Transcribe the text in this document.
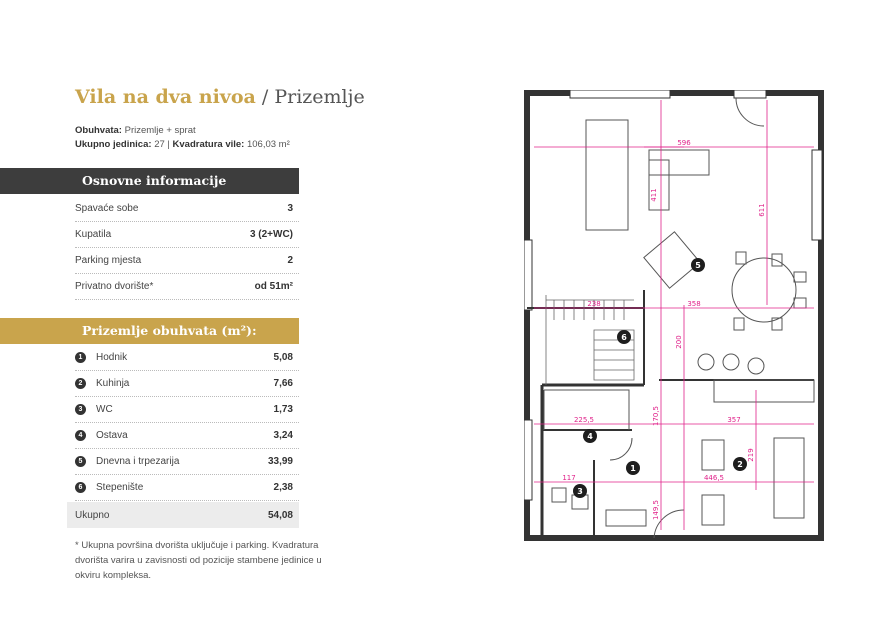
Vila na dva nivoa / Prizemlje
Obuhvata: Prizemlje + sprat
Ukupno jedinica: 27 | Kvadratura vile: 106,03 m²
Osnovne informacije
Spavaće sobe	3
Kupatila	3 (2+WC)
Parking mjesta	2
Privatno dvorište*	od 51m²
Prizemlje obuhvata (m²):
1	Hodnik	5,08
2	Kuhinja	7,66
3	WC	1,73
4	Ostava	3,24
5	Dnevna i trpezarija	33,99
6	Stepenište	2,38
Ukupno	54,08
* Ukupna površina dvorišta uključuje i parking. Kvadratura dvorišta varira u zavisnosti od pozicije stambene jedinice u okviru kompleksa.
596
411
611
238	358
200
225,5	357
170,5
219
446,5
117
149,5
1	2
3
4
5
6
